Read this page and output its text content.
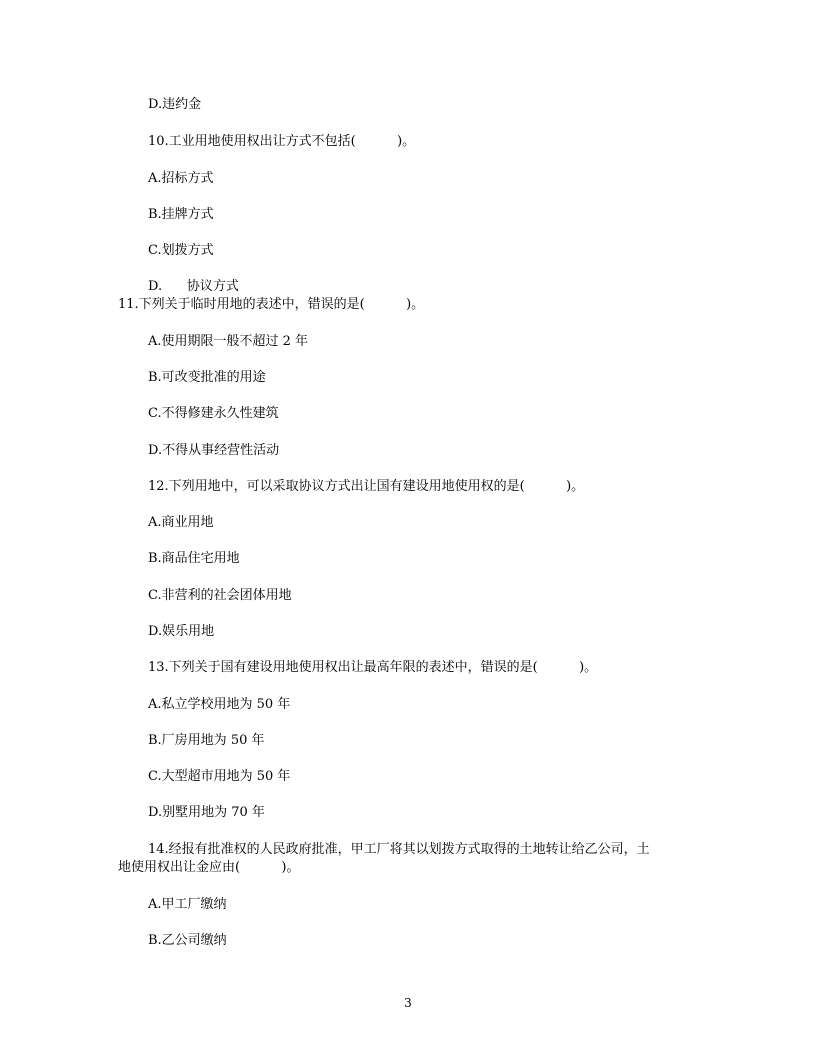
D.违约金
10.工业用地使用权出让方式不包括(          )。
A.招标方式
B.挂牌方式
C.划拨方式
D.      协议方式
11.下列关于临时用地的表述中，错误的是(          )。
A.使用期限一般不超过 2 年
B.可改变批准的用途
C.不得修建永久性建筑
D.不得从事经营性活动
12.下列用地中，可以采取协议方式出让国有建设用地使用权的是(          )。
A.商业用地
B.商品住宅用地
C.非营利的社会团体用地
D.娱乐用地
13.下列关于国有建设用地使用权出让最高年限的表述中，错误的是(          )。
A.私立学校用地为 50 年
B.厂房用地为 50 年
C.大型超市用地为 50 年
D.别墅用地为 70 年
14.经报有批准权的人民政府批准，甲工厂将其以划拨方式取得的土地转让给乙公司，土
地使用权出让金应由(          )。
A.甲工厂缴纳
B.乙公司缴纳
3
